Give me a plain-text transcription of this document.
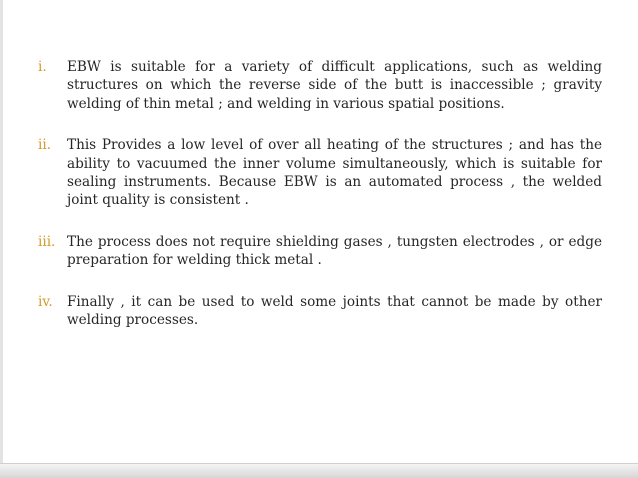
i.	EBW is suitable for a variety of difficult applications, such as welding structures on which the reverse side of the butt is inaccessible ; gravity welding of thin metal ; and welding in various spatial positions.
ii.	This Provides a low level of over all heating of the structures ; and has the ability to vacuumed the inner volume simultaneously, which is suitable for sealing instruments. Because EBW is an automated process , the welded joint quality is consistent .
iii. The process does not require shielding gases , tungsten electrodes , or edge preparation for welding thick metal .
iv.	Finally , it can be used to weld some joints that cannot be made by other welding processes.
